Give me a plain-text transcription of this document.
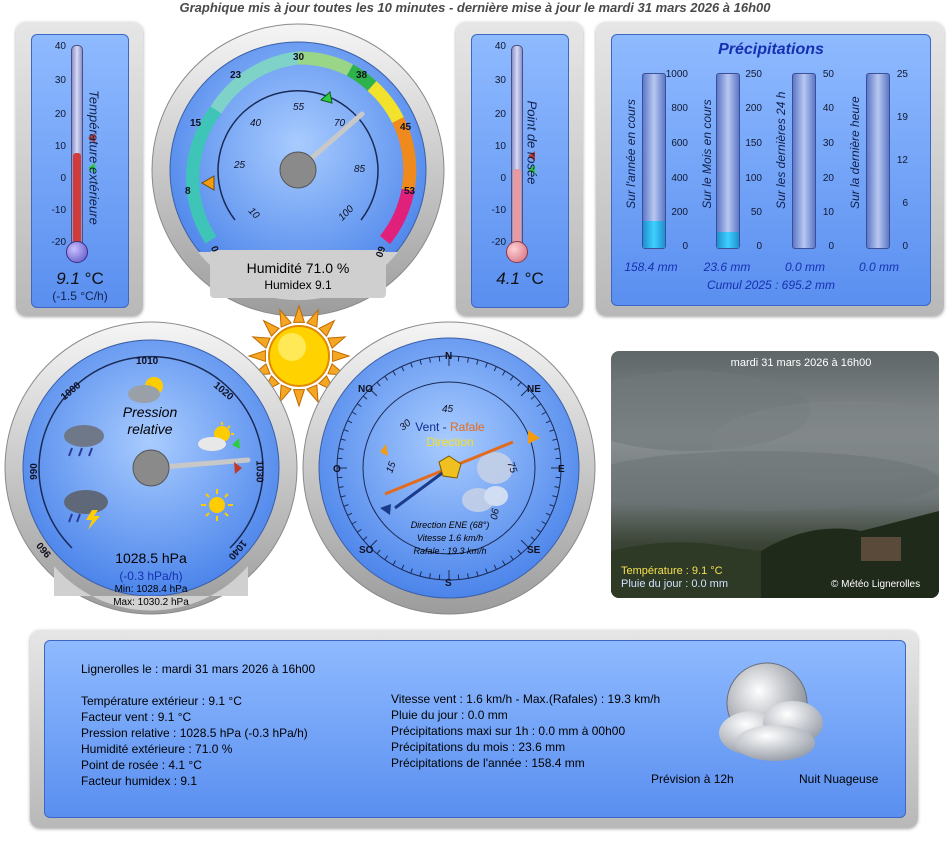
Graphique mis à jour toutes les 10 minutes - dernière mise à jour le mardi 31 mars 2026 à 16h00
40
30
20
10
0
-10
-20
Température extérieure
9.1 °C
(-1.5 °C/h)
0
8
15
23
30
38
45
53
60
10
25
40
55
70
85
100
Humidité 71.0 %
Humidex 9.1
40
30
20
10
0
-10
-20
Point de rosée
4.1 °C
Précipitations
Sur l'année en cours
1000
800
600
400
200
0
158.4 mm
Sur le Mois en cours
250
200
150
100
50
0
23.6 mm
Sur les dernières 24 h
50
40
30
20
10
0
0.0 mm
Sur la dernière heure
25
19
12
6
0
0.0 mm
Cumul 2025 : 695.2 mm
960
990
1000
1010
1020
1030
1040
Pression
relative
1028.5 hPa
(-0.3 hPa/h)
Min: 1028.4 hPa
Max: 1030.2 hPa
N
NE
E
SE
S
SO
O
NO
15
30
45
75
90
Vent - Rafale
Direction
Direction ENE (68°)
Vitesse 1.6 km/h
Rafale : 19.3 km/h
mardi 31 mars 2026 à 16h00
Température : 9.1 °C
Pluie du jour : 0.0 mm	© Météo Lignerolles
Lignerolles le : mardi 31 mars 2026 à 16h00
Température extérieur : 9.1 °C
Facteur vent : 9.1 °C
Pression relative : 1028.5 hPa (-0.3 hPa/h)
Humidité extérieure : 71.0 %
Point de rosée : 4.1 °C
Facteur humidex : 9.1
Vitesse vent : 1.6 km/h - Max.(Rafales) : 19.3 km/h
Pluie du jour : 0.0 mm
Précipitations maxi sur 1h : 0.0 mm à 00h00
Précipitations du mois : 23.6 mm
Précipitations de l'année : 158.4 mm
Prévision à 12h	Nuit Nuageuse
